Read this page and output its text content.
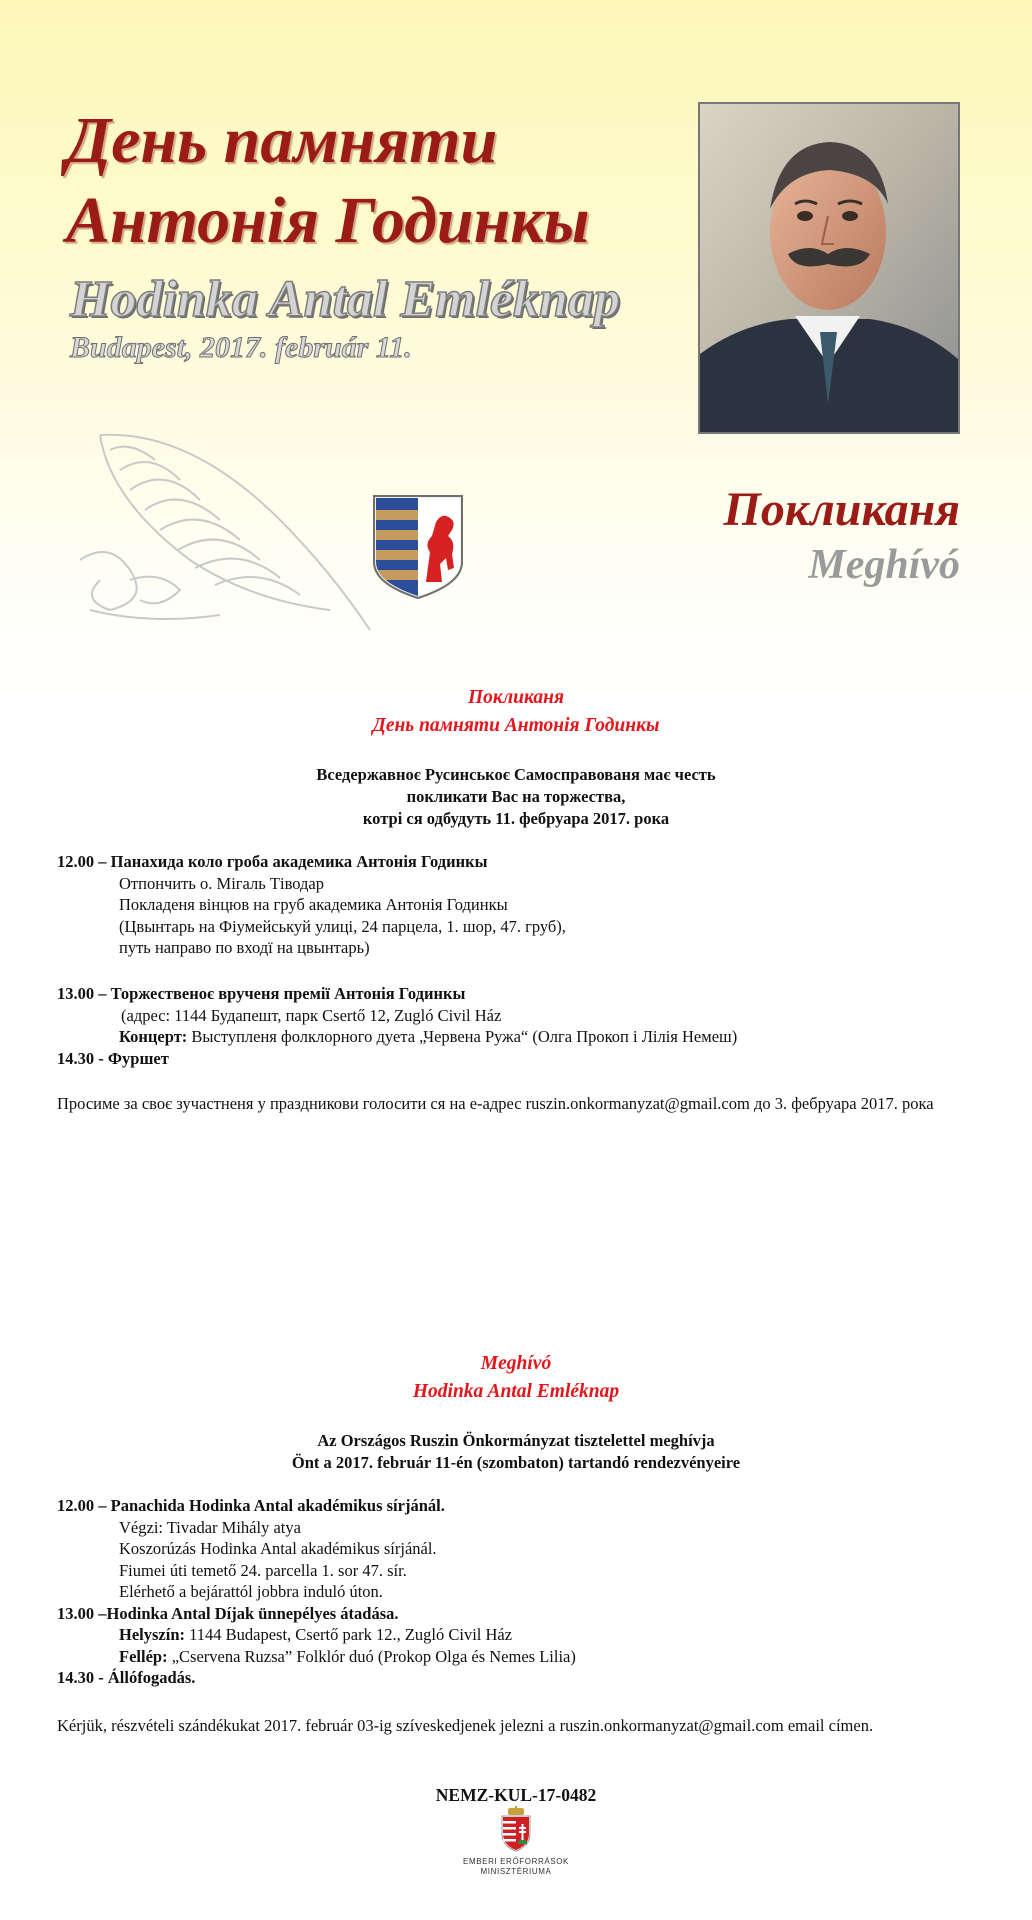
День памняти
Антонія Годинкы
Hodinka Antal Emléknap
Budapest, 2017. február 11.
Покликаня
Meghívó
Покликаня
День памняти Антонія Годинкы
Вседержавноє Русинськоє Самосправованя має честь
покликати Вас на торжества,
котрі ся одбудуть 11. фебруара 2017. рока
12.00 – Панахида коло гроба академика Антонія Годинкы
Отпончить о. Мігаль Тіводар
Покладеня вінцюв на груб академика Антонія Годинкы
(Цвынтарь на Фіумейськуй улиці, 24 парцела, 1. шор, 47. груб),
путь направо по входї на цвынтарь)
13.00 – Торжественоє врученя премії Антонія Годинкы
(адрес: 1144 Будапешт, парк Csertő 12, Zugló Civil Ház
Концерт: Выступленя фолклорного дуета „Червена Ружа“ (Олга Прокоп і Лілія Немеш)
14.30 - Фуршет
Просиме за своє зучастненя у праздникови голосити ся на е-адрес ruszin.onkormanyzat@gmail.com до 3. фебруара 2017. рока
Meghívó
Hodinka Antal Emléknap
Az Országos Ruszin Önkormányzat tisztelettel meghívja
Önt a 2017. február 11-én (szombaton) tartandó rendezvényeire
12.00 – Panachida Hodinka Antal akadémikus sírjánál.
Végzi: Tivadar Mihály atya
Koszorúzás Hodinka Antal akadémikus sírjánál.
Fiumei úti temető 24. parcella 1. sor 47. sír.
Elérhető a bejárattól jobbra induló úton.
13.00 –Hodinka Antal Díjak ünnepélyes átadása.
Helyszín: 1144 Budapest, Csertő park 12., Zugló Civil Ház
Fellép: „Cservena Ruzsa” Folklór duó (Prokop Olga és Nemes Lilia)
14.30 - Állófogadás.
Kérjük, részvételi szándékukat 2017. február 03-ig szíveskedjenek jelezni a ruszin.onkormanyzat@gmail.com email címen.
NEMZ-KUL-17-0482
EMBERI ERŐFORRÁSOK
MINISZTÉRIUMA
